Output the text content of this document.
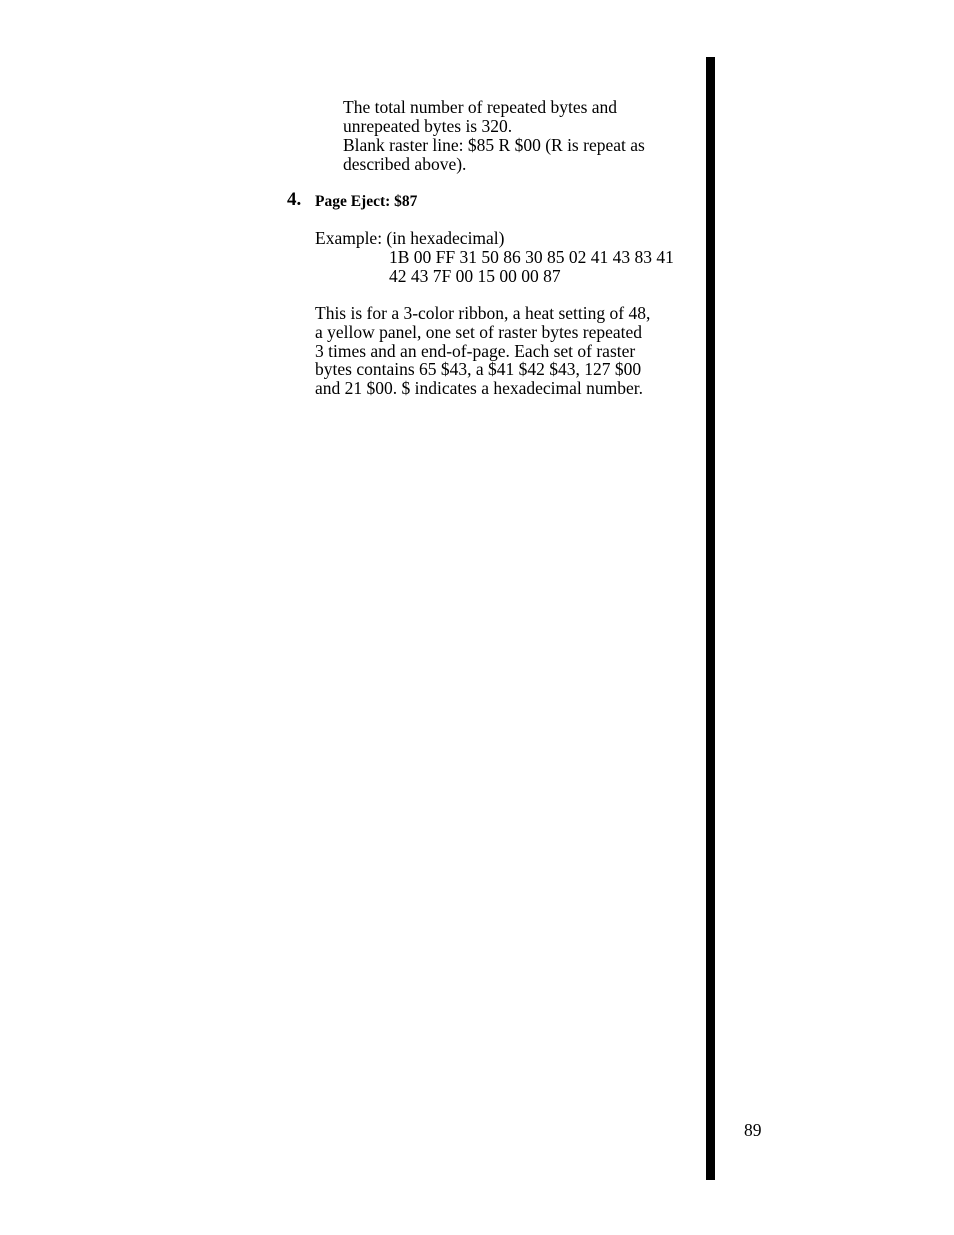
The total number of repeated bytes and
unrepeated bytes is 320.
Blank raster line: $85 R $00 (R is repeat as
described above).
4. Page Eject: $87
Example: (in hexadecimal)
1B 00 FF 31 50 86 30 85 02 41 43 83 41
42 43 7F 00 15 00 00 87
This is for a 3-color ribbon, a heat setting of 48,
a yellow panel, one set of raster bytes repeated
3 times and an end-of-page. Each set of raster
bytes contains 65 $43, a $41 $42 $43, 127 $00
and 21 $00. $ indicates a hexadecimal number.
89
